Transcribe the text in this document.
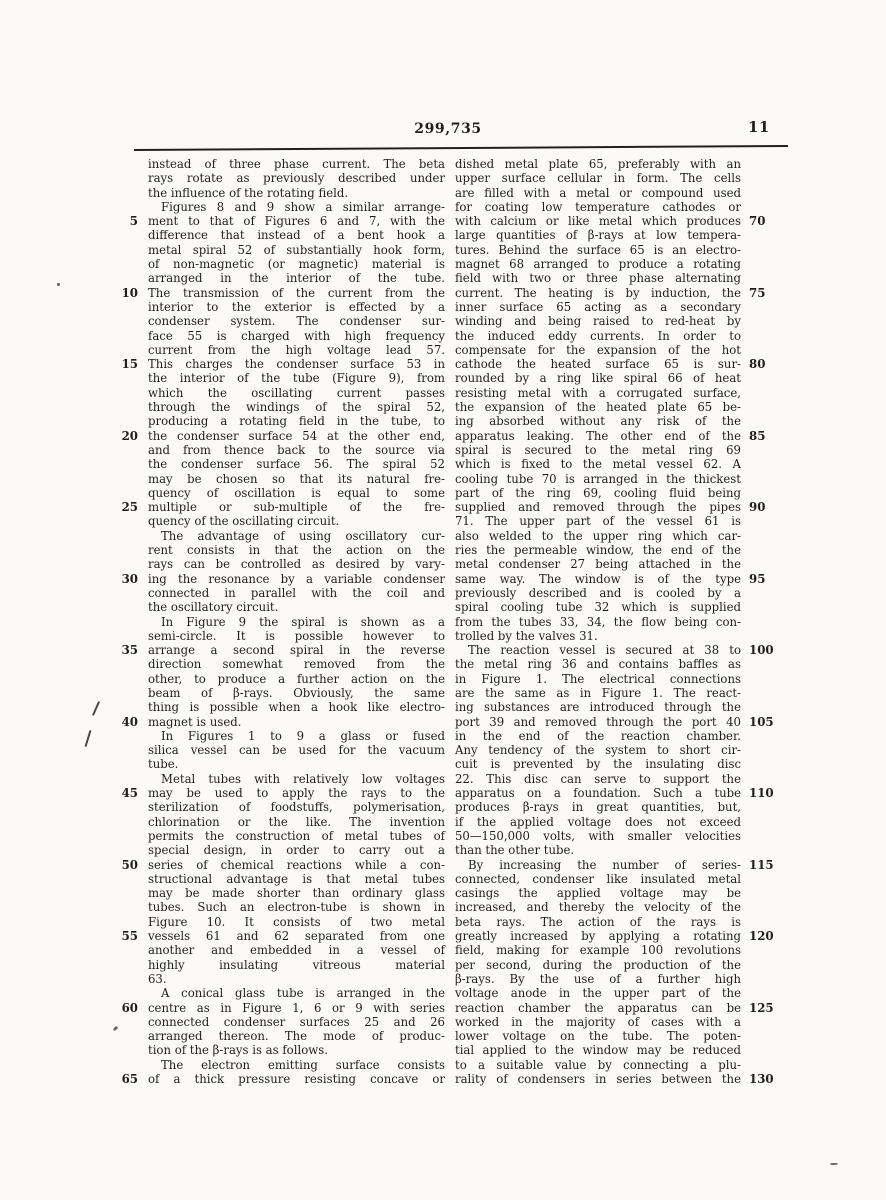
299,735	11
instead of three phase current. The beta
rays rotate as previously described under
the influence of the rotating field.
Figures 8 and 9 show a similar arrange-
5 ment to that of Figures 6 and 7, with the
difference that instead of a bent hook a
metal spiral 52 of substantially hook form,
of non-magnetic (or magnetic) material is
arranged in the interior of the tube.
10 The transmission of the current from the
interior to the exterior is effected by a
condenser system. The condenser sur-
face 55 is charged with high frequency
current from the high voltage lead 57.
15 This charges the condenser surface 53 in
the interior of the tube (Figure 9), from
which the oscillating current passes
through the windings of the spiral 52,
producing a rotating field in the tube, to
20 the condenser surface 54 at the other end,
and from thence back to the source via
the condenser surface 56. The spiral 52
may be chosen so that its natural fre-
quency of oscillation is equal to some
25 multiple or sub-multiple of the fre-
quency of the oscillating circuit.
The advantage of using oscillatory cur-
rent consists in that the action on the
rays can be controlled as desired by vary-
30 ing the resonance by a variable condenser
connected in parallel with the coil and
the oscillatory circuit.
In Figure 9 the spiral is shown as a
semi-circle. It is possible however to
35 arrange a second spiral in the reverse
direction somewhat removed from the
other, to produce a further action on the
beam of β-rays. Obviously, the same
thing is possible when a hook like electro-
40 magnet is used.
In Figures 1 to 9 a glass or fused
silica vessel can be used for the vacuum
tube.
Metal tubes with relatively low voltages
45 may be used to apply the rays to the
sterilization of foodstuffs, polymerisation,
chlorination or the like. The invention
permits the construction of metal tubes of
special design, in order to carry out a
50 series of chemical reactions while a con-
structional advantage is that metal tubes
may be made shorter than ordinary glass
tubes. Such an electron-tube is shown in
Figure 10. It consists of two metal
55 vessels 61 and 62 separated from one
another and embedded in a vessel of
highly insulating vitreous material
63.
A conical glass tube is arranged in the
60 centre as in Figure 1, 6 or 9 with series
connected condenser surfaces 25 and 26
arranged thereon. The mode of produc-
tion of the β-rays is as follows.
The electron emitting surface consists
65 of a thick pressure resisting concave or
dished metal plate 65, preferably with an
upper surface cellular in form. The cells
are filled with a metal or compound used
for coating low temperature cathodes or
with calcium or like metal which produces 70
large quantities of β-rays at low tempera-
tures. Behind the surface 65 is an electro-
magnet 68 arranged to produce a rotating
field with two or three phase alternating
current. The heating is by induction, the 75
inner surface 65 acting as a secondary
winding and being raised to red-heat by
the induced eddy currents. In order to
compensate for the expansion of the hot
cathode the heated surface 65 is sur- 80
rounded by a ring like spiral 66 of heat
resisting metal with a corrugated surface,
the expansion of the heated plate 65 be-
ing absorbed without any risk of the
apparatus leaking. The other end of the 85
spiral is secured to the metal ring 69
which is fixed to the metal vessel 62. A
cooling tube 70 is arranged in the thickest
part of the ring 69, cooling fluid being
supplied and removed through the pipes 90
71. The upper part of the vessel 61 is
also welded to the upper ring which car-
ries the permeable window, the end of the
metal condenser 27 being attached in the
same way. The window is of the type 95
previously described and is cooled by a
spiral cooling tube 32 which is supplied
from the tubes 33, 34, the flow being con-
trolled by the valves 31.
The reaction vessel is secured at 38 to 100
the metal ring 36 and contains baffles as
in Figure 1. The electrical connections
are the same as in Figure 1. The react-
ing substances are introduced through the
port 39 and removed through the port 40 105
in the end of the reaction chamber.
Any tendency of the system to short cir-
cuit is prevented by the insulating disc
22. This disc can serve to support the
apparatus on a foundation. Such a tube 110
produces β-rays in great quantities, but,
if the applied voltage does not exceed
50—150,000 volts, with smaller velocities
than the other tube.
By increasing the number of series- 115
connected, condenser like insulated metal
casings the applied voltage may be
increased, and thereby the velocity of the
beta rays. The action of the rays is
greatly increased by applying a rotating 120
field, making for example 100 revolutions
per second, during the production of the
β-rays. By the use of a further high
voltage anode in the upper part of the
reaction chamber the apparatus can be 125
worked in the majority of cases with a
lower voltage on the tube. The poten-
tial applied to the window may be reduced
to a suitable value by connecting a plu-
rality of condensers in series between the 130
